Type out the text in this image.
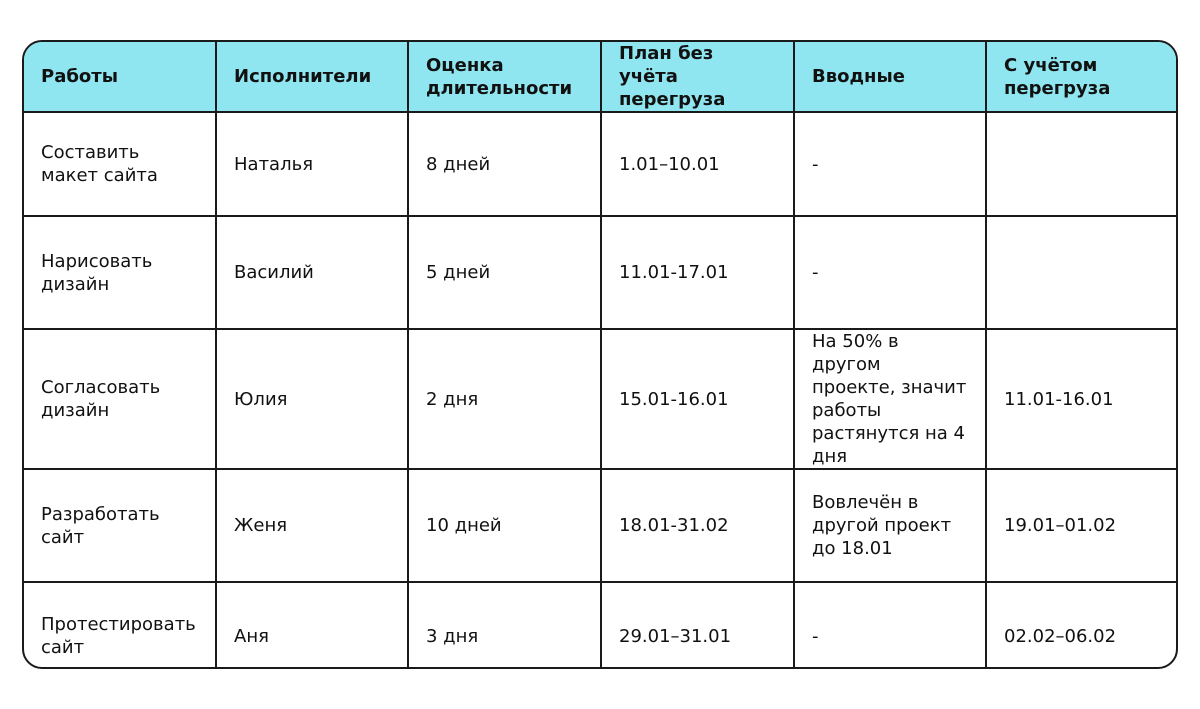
Работы	Исполнители	Оценка длительности	План без учёта перегруза	Вводные	С учётом перегруза
Составить макет сайта	Наталья	8 дней	1.01–10.01	-	
Нарисовать дизайн	Василий	5 дней	11.01-17.01	-	
Согласовать дизайн	Юлия	2 дня	15.01-16.01	На 50% в другом проекте, значит работы растянутся на 4 дня	11.01-16.01
Разработать сайт	Женя	10 дней	18.01-31.02	Вовлечён в другой проект до 18.01	19.01–01.02
Протестировать сайт	Аня	3 дня	29.01–31.01	-	02.02–06.02
